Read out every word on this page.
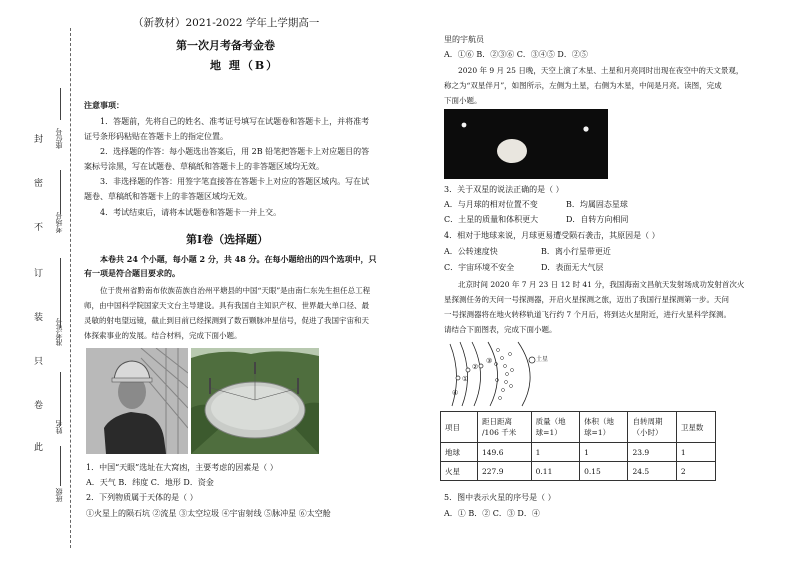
座位号
考场号
准考证号
姓名
班级
封
密
不
订
装
只
卷
此
（新教材）2021-2022 学年上学期高一
第一次月考备考金卷
地 理（B）
注意事项：
1．答题前，先将自己的姓名、准考证号填写在试题卷和答题卡上，并将准考
证号条形码粘贴在答题卡上的指定位置。
2．选择题的作答：每小题选出答案后，用 2B 铅笔把答题卡上对应题目的答
案标号涂黑，写在试题卷、草稿纸和答题卡上的非答题区域均无效。
3．非选择题的作答：用签字笔直接答在答题卡上对应的答题区域内。写在试
题卷、草稿纸和答题卡上的非答题区域均无效。
4．考试结束后，请将本试题卷和答题卡一并上交。
第Ⅰ卷（选择题）
本卷共 24 个小题，每小题 2 分，共 48 分。在每小题给出的四个选项中，只
有一项是符合题目要求的。
位于贵州省黔南布依族苗族自治州平塘县的中国“天眼”是由南仁东先生担任总工程
师，由中国科学院国家天文台主导建设。具有我国自主知识产权、世界最大单口径、最
灵敏的射电望远镜，截止到目前已经探测到了数百颗脉冲星信号，促进了我国宇宙和天
体探索事业的发展。结合材料，完成下面小题。
1．中国“天眼”选址在大窝凼，主要考虑的因素是（ ）
A．天气 B．纬度 C．地形 D．资金
2．下列物质属于天体的是（ ）
①火星上的陨石坑 ②流星 ③太空垃圾 ④宇宙射线 ⑤脉冲星 ⑥太空舱
里的宇航员
A．①⑥ B．②③⑥ C．③④⑤ D．②⑤
2020 年 9 月 25 日晚，天空上演了木星、土星和月亮同时出现在夜空中的天文景观，
称之为“双星伴月”，如图所示，左侧为土星，右侧为木星，中间是月亮。读图，完成
下面小题。
3．关于双星的说法正确的是（ ）
A．与月球的相对位置不变	B．均属固态星球
C．土星的质量和体积更大	D．自转方向相同
4．相对于地球来说，月球更易遭受陨石袭击，其原因是（ ）
A．公转速度快	B．离小行星带更近
C．宇宙环境不安全	D．表面无大气层
北京时间 2020 年 7 月 23 日 12 时 41 分，我国海南文昌航天发射场成功发射首次火
星探测任务的天问一号探测器，开启火星探测之旅，迈出了我国行星探测第一步。天问
一号探测器将在地火转移轨道飞行约 7 个月后，将到达火星附近，进行火星科学探测。
请结合下面图表，完成下面小题。
①
②
③
④
土星
项目	距日距离
/106 千米	质量（地
球=1）	体积（地
球=1）	自转周期
（小时）	卫星数
地球	149.6	1	1	23.9	1
火星	227.9	0.11	0.15	24.5	2
5．图中表示火星的序号是（ ）
A．① B．② C．③ D．④
